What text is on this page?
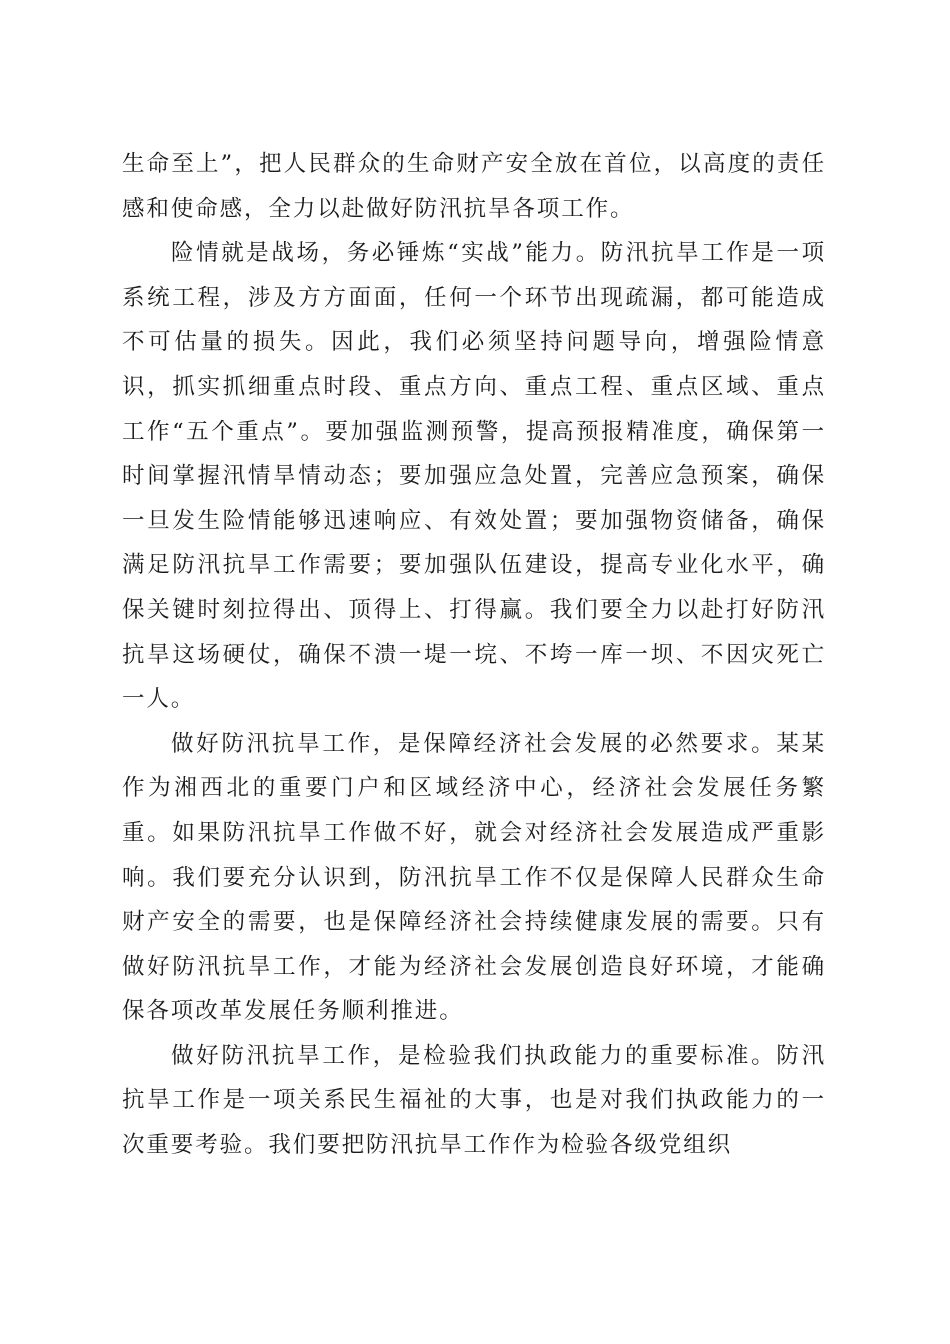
生命至上”，把人民群众的生命财产安全放在首位，以高度的责任感和使命感，全力以赴做好防汛抗旱各项工作。

险情就是战场，务必锤炼“实战”能力。防汛抗旱工作是一项系统工程，涉及方方面面，任何一个环节出现疏漏，都可能造成不可估量的损失。因此，我们必须坚持问题导向，增强险情意识，抓实抓细重点时段、重点方向、重点工程、重点区域、重点工作“五个重点”。要加强监测预警，提高预报精准度，确保第一时间掌握汛情旱情动态；要加强应急处置，完善应急预案，确保一旦发生险情能够迅速响应、有效处置；要加强物资储备，确保满足防汛抗旱工作需要；要加强队伍建设，提高专业化水平，确保关键时刻拉得出、顶得上、打得赢。我们要全力以赴打好防汛抗旱这场硬仗，确保不溃一堤一垸、不垮一库一坝、不因灾死亡一人。

做好防汛抗旱工作，是保障经济社会发展的必然要求。某某作为湘西北的重要门户和区域经济中心，经济社会发展任务繁重。如果防汛抗旱工作做不好，就会对经济社会发展造成严重影响。我们要充分认识到，防汛抗旱工作不仅是保障人民群众生命财产安全的需要，也是保障经济社会持续健康发展的需要。只有做好防汛抗旱工作，才能为经济社会发展创造良好环境，才能确保各项改革发展任务顺利推进。

做好防汛抗旱工作，是检验我们执政能力的重要标准。防汛抗旱工作是一项关系民生福祉的大事，也是对我们执政能力的一次重要考验。我们要把防汛抗旱工作作为检验各级党组织
